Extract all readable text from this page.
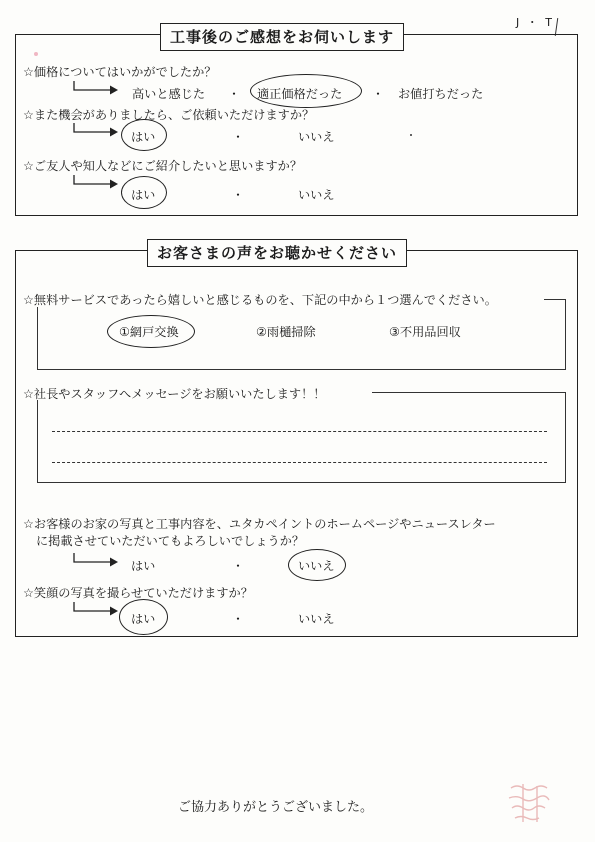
J ・ T
工事後のご感想をお伺いします
☆価格についてはいかがでしたか？
高いと感じた ・ 適正価格だった ・ お値打ちだった
☆また機会がありましたら、ご依頼いただけますか？
はい	・	いいえ
☆ご友人や知人などにご紹介したいと思いますか？
はい	・	いいえ
お客さまの声をお聴かせください
☆無料サービスであったら嬉しいと感じるものを、下記の中から１つ選んでください。
①網戸交換	②雨樋掃除	③不用品回収
☆社長やスタッフへメッセージをお願いいたします！！
☆お客様のお家の写真と工事内容を、ユタカペイントのホームページやニュースレター
に掲載させていただいてもよろしいでしょうか？
はい	・	いいえ
☆笑顔の写真を撮らせていただけますか？
はい	・	いいえ
ご協力ありがとうございました。
